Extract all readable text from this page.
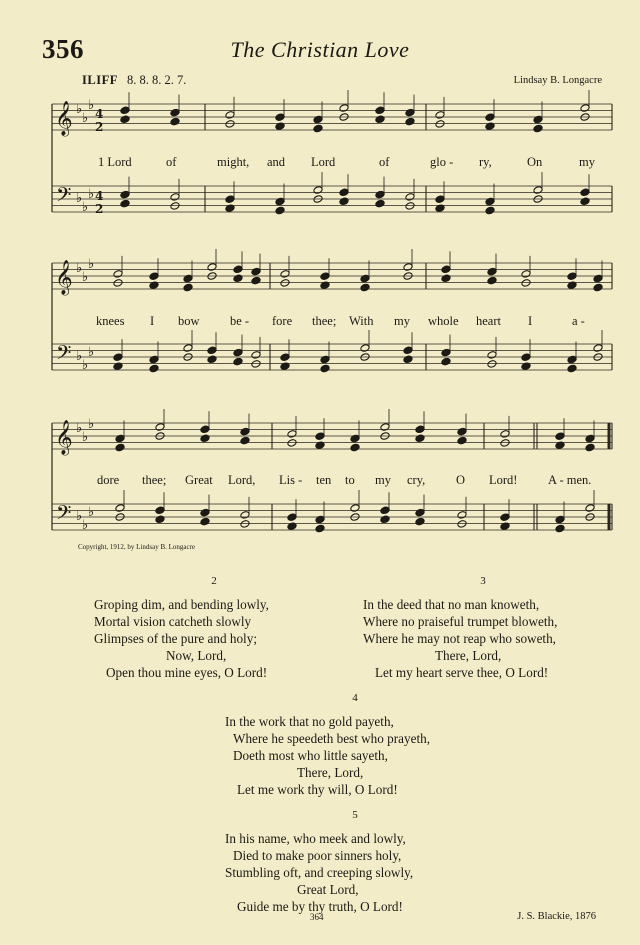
356	The Christian Love
ILIFF 8. 8. 8. 2. 7.	Lindsay B. Longacre
𝄞
𝄢
♭
♭
♭
♭
♭
♭
𝄞
𝄢
♭
♭
♭
♭
♭
♭
𝄞
𝄢
♭
♭
♭
♭
♭
♭
4
2
4
2
1 Lord	of	might, and Lord	of	glo - ry,	On	my
knees I bow be - fore thee; With my whole heart I	a -
dore thee; Great Lord, Lis - ten to my cry, O Lord! A - men.
Copyright, 1912, by Lindsay B. Longacre
2
Groping dim, and bending lowly,
Mortal vision catcheth slowly
Glimpses of the pure and holy;
Now, Lord,
Open thou mine eyes, O Lord!
3
In the deed that no man knoweth,
Where no praiseful trumpet bloweth,
Where he may not reap who soweth,
There, Lord,
Let my heart serve thee, O Lord!
4
In the work that no gold payeth,
Where he speedeth best who prayeth,
Doeth most who little sayeth,
There, Lord,
Let me work thy will, O Lord!
5
In his name, who meek and lowly,
Died to make poor sinners holy,
Stumbling oft, and creeping slowly,
Great Lord,
Guide me by thy truth, O Lord!
364	J. S. Blackie, 1876
